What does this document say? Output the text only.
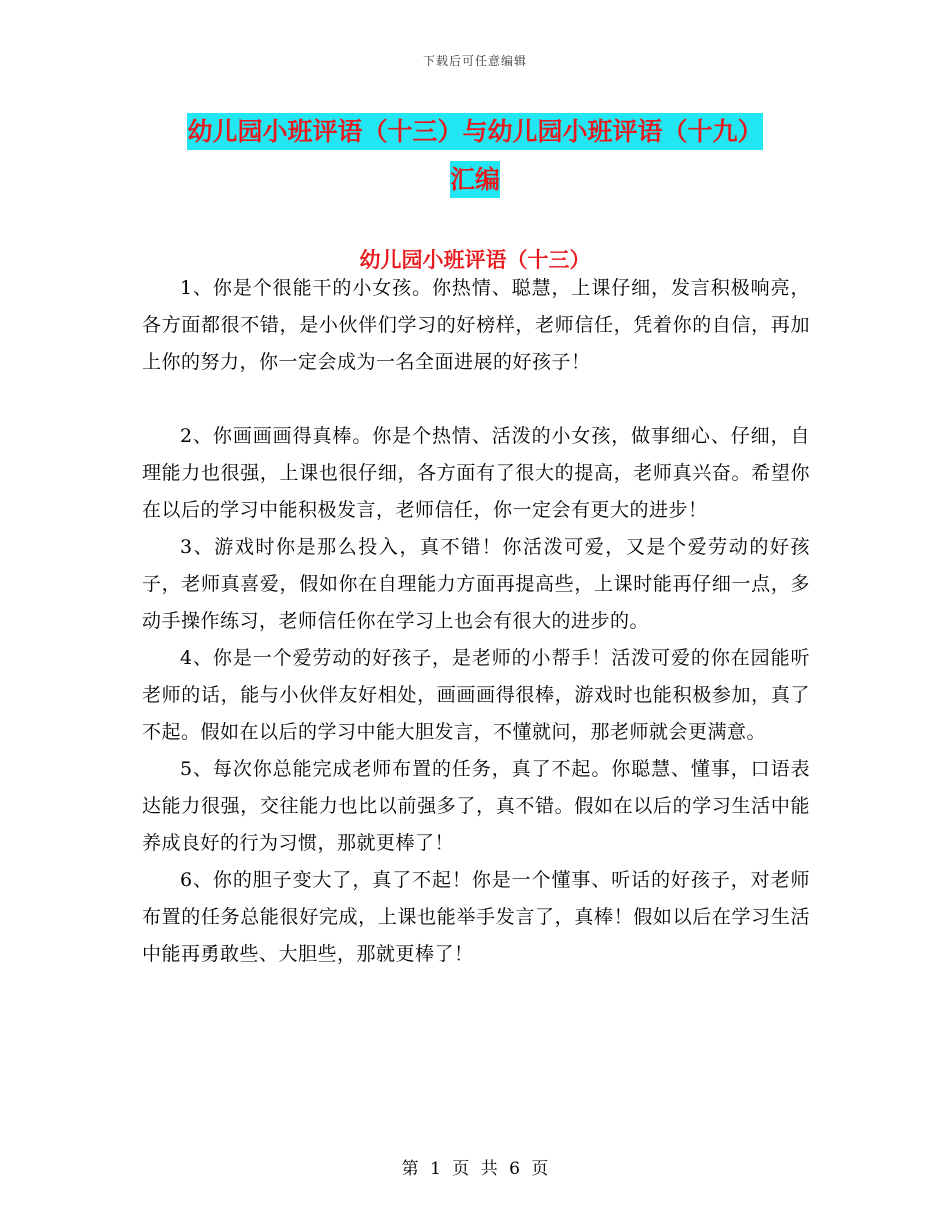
下载后可任意编辑
幼儿园小班评语（十三）与幼儿园小班评语（十九）
汇编
幼儿园小班评语（十三）

1、你是个很能干的小女孩。你热情、聪慧，上课仔细，发言积极响亮，各方面都很不错，是小伙伴们学习的好榜样，老师信任，凭着你的自信，再加上你的努力，你一定会成为一名全面进展的好孩子！

2、你画画画得真棒。你是个热情、活泼的小女孩，做事细心、仔细，自理能力也很强，上课也很仔细，各方面有了很大的提高，老师真兴奋。希望你在以后的学习中能积极发言，老师信任，你一定会有更大的进步！

3、游戏时你是那么投入，真不错！你活泼可爱，又是个爱劳动的好孩子，老师真喜爱，假如你在自理能力方面再提高些，上课时能再仔细一点，多动手操作练习，老师信任你在学习上也会有很大的进步的。

4、你是一个爱劳动的好孩子，是老师的小帮手！活泼可爱的你在园能听老师的话，能与小伙伴友好相处，画画画得很棒，游戏时也能积极参加，真了不起。假如在以后的学习中能大胆发言，不懂就问，那老师就会更满意。

5、每次你总能完成老师布置的任务，真了不起。你聪慧、懂事，口语表达能力很强，交往能力也比以前强多了，真不错。假如在以后的学习生活中能养成良好的行为习惯，那就更棒了！

6、你的胆子变大了，真了不起！你是一个懂事、听话的好孩子，对老师布置的任务总能很好完成，上课也能举手发言了，真棒！假如以后在学习生活中能再勇敢些、大胆些，那就更棒了！

第 1 页 共 6 页
